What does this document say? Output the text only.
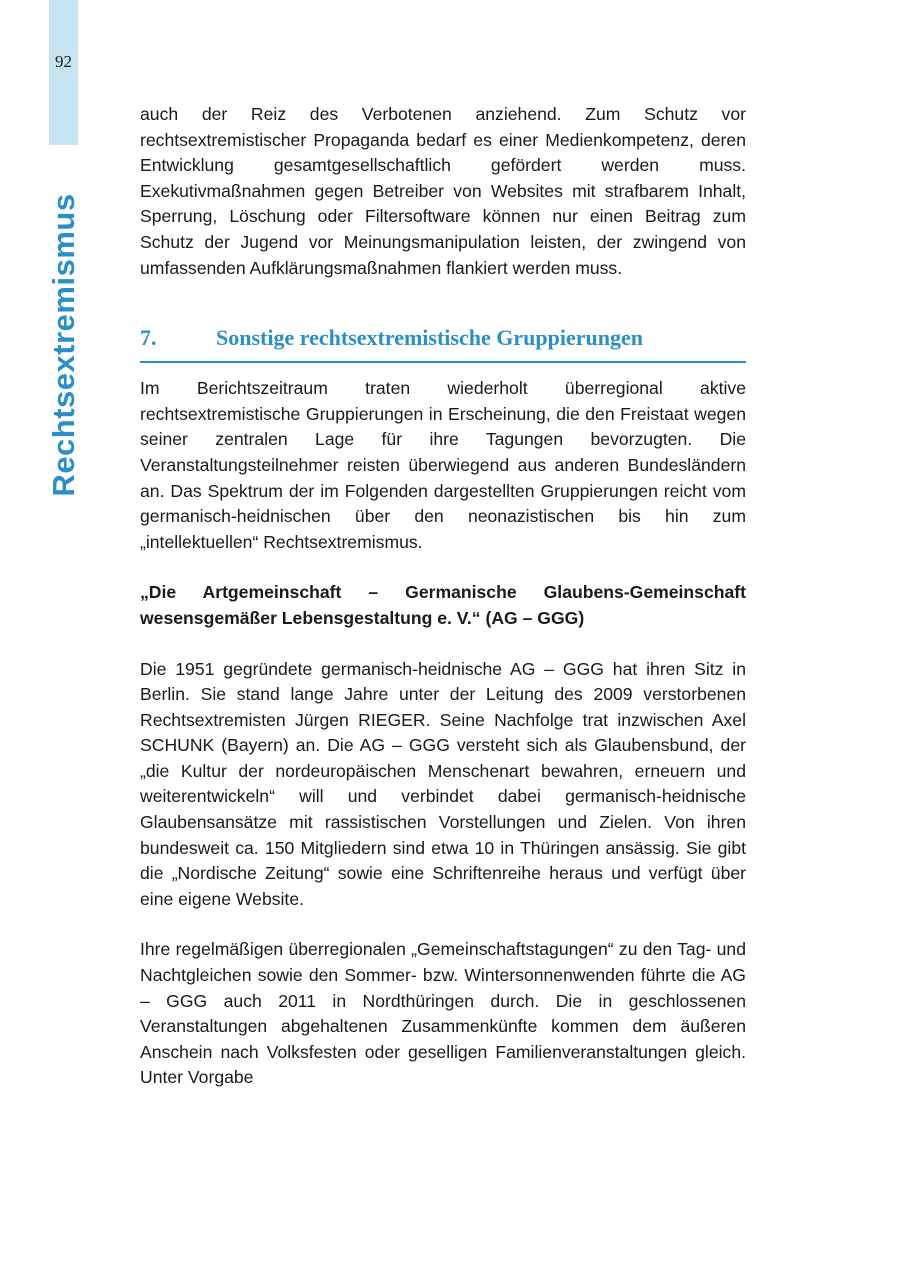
92
Rechtsextremismus

auch der Reiz des Verbotenen anziehend. Zum Schutz vor rechtsextremistischer Propaganda bedarf es einer Medienkompetenz, deren Entwicklung gesamtgesellschaftlich gefördert werden muss. Exekutivmaßnahmen gegen Betreiber von Websites mit strafbarem Inhalt, Sperrung, Löschung oder Filtersoftware können nur einen Beitrag zum Schutz der Jugend vor Meinungsmanipulation leisten, der zwingend von umfassenden Aufklärungsmaßnahmen flankiert werden muss.

7.	Sonstige rechtsextremistische Gruppierungen

Im Berichtszeitraum traten wiederholt überregional aktive rechtsextremistische Gruppierungen in Erscheinung, die den Freistaat wegen seiner zentralen Lage für ihre Tagungen bevorzugten. Die Veranstaltungsteilnehmer reisten überwiegend aus anderen Bundesländern an. Das Spektrum der im Folgenden dargestellten Gruppierungen reicht vom germanisch-heidnischen über den neonazistischen bis hin zum „intellektuellen“ Rechtsextremismus.

„Die Artgemeinschaft – Germanische Glaubens-Gemeinschaft wesensgemäßer Lebensgestaltung e. V.“ (AG – GGG)

Die 1951 gegründete germanisch-heidnische AG – GGG hat ihren Sitz in Berlin. Sie stand lange Jahre unter der Leitung des 2009 verstorbenen Rechtsextremisten Jürgen RIEGER. Seine Nachfolge trat inzwischen Axel SCHUNK (Bayern) an. Die AG – GGG versteht sich als Glaubensbund, der „die Kultur der nordeuropäischen Menschenart bewahren, erneuern und weiterentwickeln“ will und verbindet dabei germanisch-heidnische Glaubensansätze mit rassistischen Vorstellungen und Zielen. Von ihren bundesweit ca. 150 Mitgliedern sind etwa 10 in Thüringen ansässig. Sie gibt die „Nordische Zeitung“ sowie eine Schriftenreihe heraus und verfügt über eine eigene Website.

Ihre regelmäßigen überregionalen „Gemeinschaftstagungen“ zu den Tag- und Nachtgleichen sowie den Sommer- bzw. Wintersonnenwenden führte die AG – GGG auch 2011 in Nordthüringen durch. Die in geschlossenen Veranstaltungen abgehaltenen Zusammenkünfte kommen dem äußeren Anschein nach Volksfesten oder geselligen Familienveranstaltungen gleich. Unter Vorgabe
